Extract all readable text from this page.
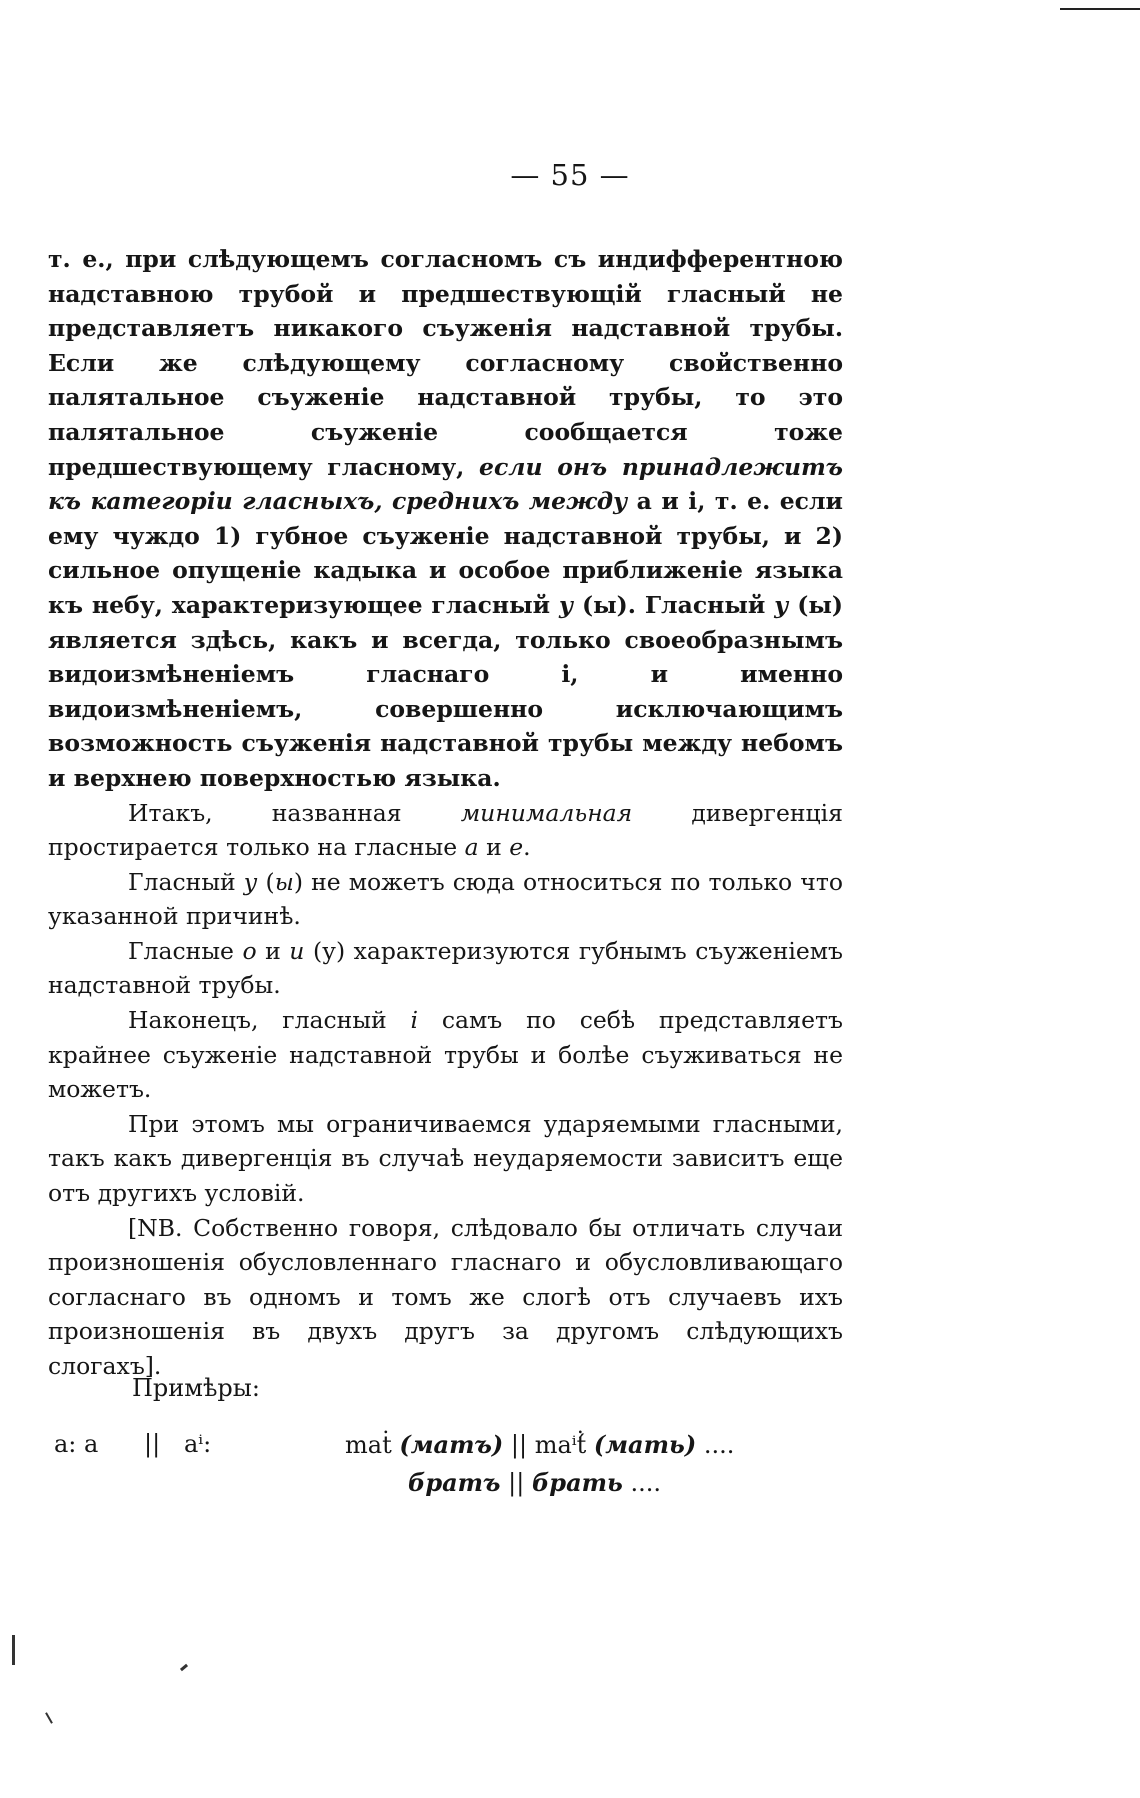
— 55 —

т. е., при слѣдующемъ согласномъ съ индифферентною надставною трубой и предшествующій гласный не представляетъ никакого съуженія надставной трубы. Если же слѣдующему согласному свойственно палятальное съуженіе надставной трубы, то это палятальное съуженіе сообщается тоже предшествующему гласному, если онъ принадлежитъ къ категоріи гласныхъ, среднихъ между а и і, т. е. если ему чуждо 1) губное съуженіе надставной трубы, и 2) сильное опущеніе кадыка и особое приближеніе языка къ небу, характеризующее гласный у (ы). Гласный у (ы) является здѣсь, какъ и всегда, только своеобразнымъ видоизмѣненіемъ гласнаго і, и именно видоизмѣненіемъ, совершенно исключающимъ возможность съуженія надставной трубы между небомъ и верхнею поверхностью языка.

Итакъ, названная минимальная дивергенція простирается только на гласные а и е.

Гласный у (ы) не можетъ сюда относиться по только что указанной причинѣ.

Гласные о и и (у) характеризуются губнымъ съуженіемъ надставной трубы.

Наконецъ, гласный і самъ по себѣ представляетъ крайнее съуженіе надставной трубы и болѣе съуживаться не можетъ.

При этомъ мы ограничиваемся ударяемыми гласными, такъ какъ дивергенція въ случаѣ неударяемости зависитъ еще отъ другихъ условій.

[NB. Собственно говоря, слѣдовало бы отличать случаи произношенія обусловленнаго гласнаго и обусловливающаго согласнаго въ одномъ и томъ же слогѣ отъ случаевъ ихъ произношенія въ двухъ другъ за другомъ слѣдующихъ слогахъ].

Примѣры:
a: a || aⁱ:	maṫ (матъ) || maⁱṫ́ (мать) ....
братъ || брать ....
